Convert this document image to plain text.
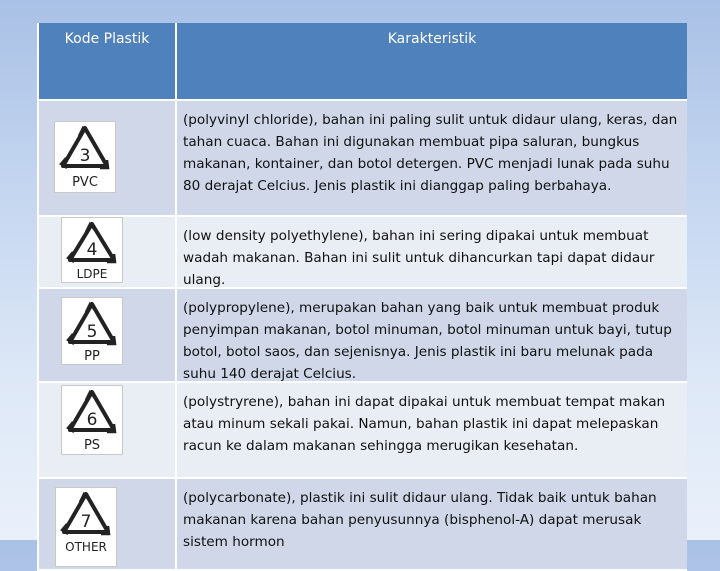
Kode Plastik	Karakteristik
3
PVC
(polyvinyl chloride), bahan ini paling sulit untuk didaur ulang, keras, dan tahan cuaca. Bahan ini digunakan membuat pipa saluran, bungkus makanan, kontainer, dan botol detergen. PVC menjadi lunak pada suhu 80 derajat Celcius. Jenis plastik ini dianggap paling berbahaya.
4
LDPE
(low density polyethylene), bahan ini sering dipakai untuk membuat wadah makanan. Bahan ini sulit untuk dihancurkan tapi dapat didaur ulang.
5
PP
(polypropylene), merupakan bahan yang baik untuk membuat produk penyimpan makanan, botol minuman, botol minuman untuk bayi, tutup botol, botol saos, dan sejenisnya. Jenis plastik ini baru melunak pada suhu 140 derajat Celcius.
6
PS
(polystryrene), bahan ini dapat dipakai untuk membuat tempat makan atau minum sekali pakai. Namun, bahan plastik ini dapat melepaskan racun ke dalam makanan sehingga merugikan kesehatan.
7
OTHER
(polycarbonate), plastik ini sulit didaur ulang. Tidak baik untuk bahan makanan karena bahan penyusunnya (bisphenol-A) dapat merusak sistem hormon
